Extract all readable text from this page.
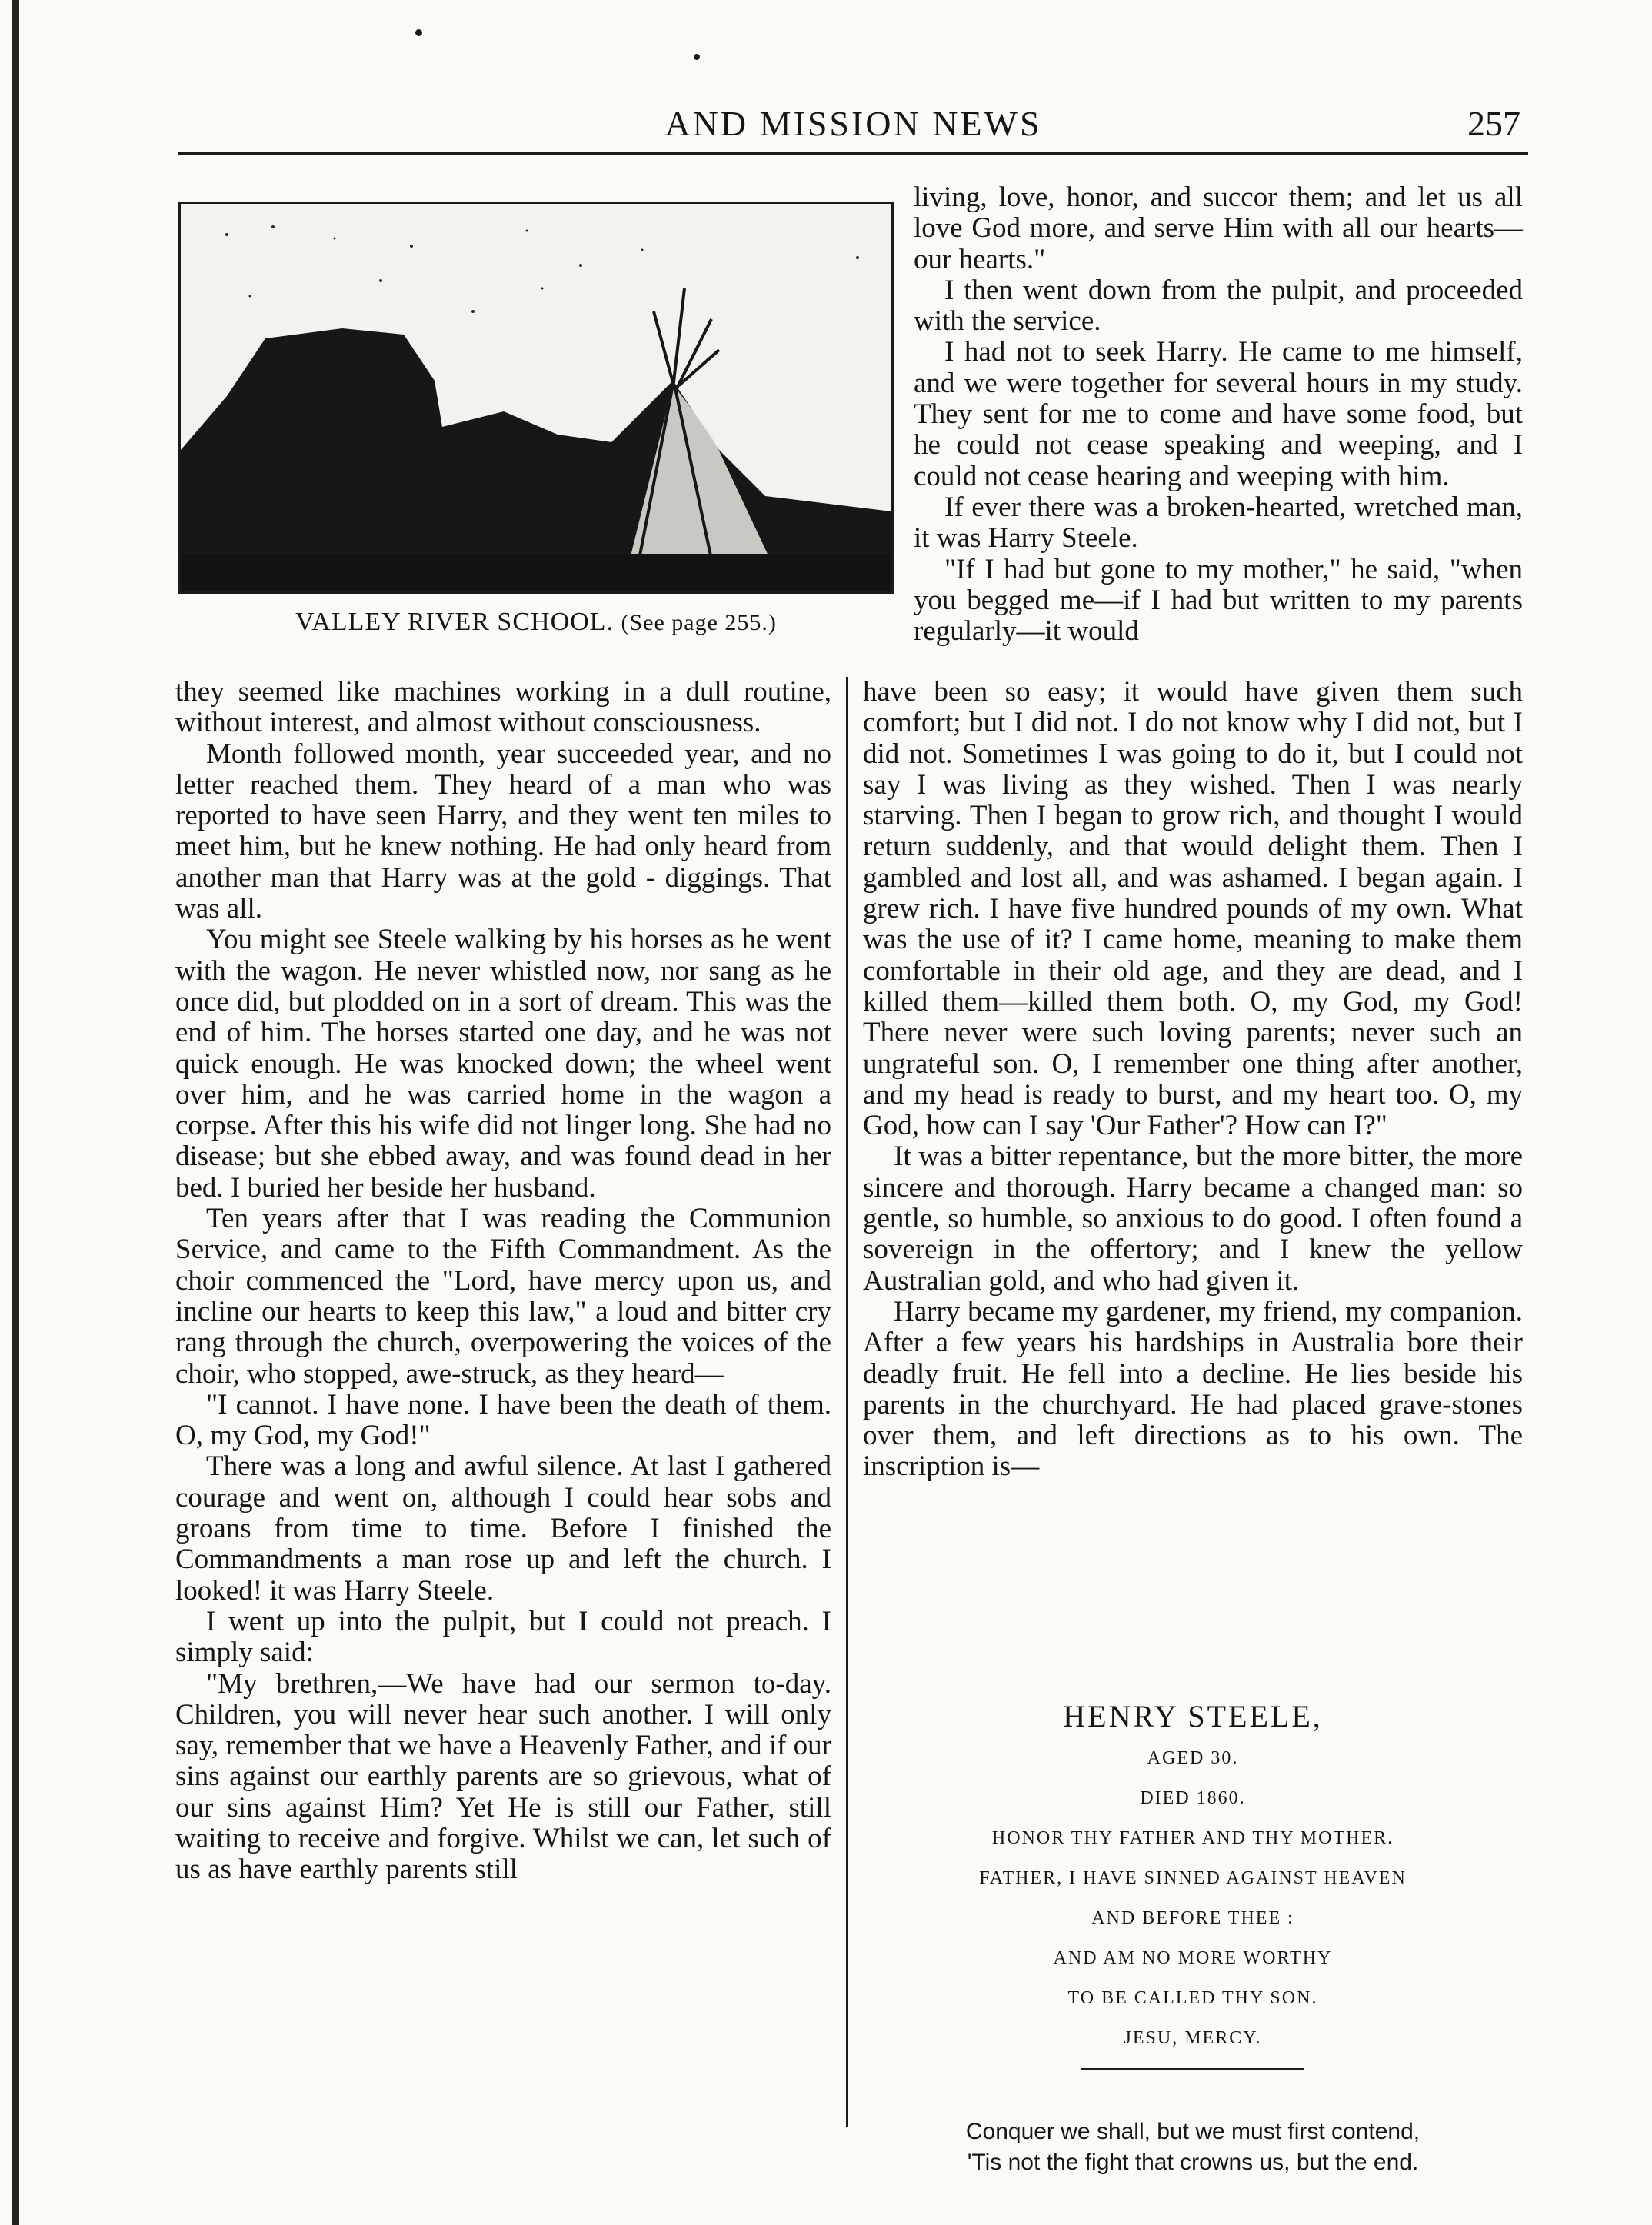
AND MISSION NEWS	257
VALLEY RIVER SCHOOL. (See page 255.)

living, love, honor, and succor them; and let us all love God more, and serve Him with all our hearts—our hearts."

I then went down from the pulpit, and proceeded with the service.

I had not to seek Harry. He came to me himself, and we were together for several hours in my study. They sent for me to come and have some food, but he could not cease speaking and weeping, and I could not cease hearing and weeping with him.

If ever there was a broken-hearted, wretched man, it was Harry Steele.

"If I had but gone to my mother," he said, "when you begged me—if I had but written to my parents regularly—it would

they seemed like machines working in a dull routine, without interest, and almost without consciousness.

Month followed month, year succeeded year, and no letter reached them. They heard of a man who was reported to have seen Harry, and they went ten miles to meet him, but he knew nothing. He had only heard from another man that Harry was at the gold - diggings. That was all.

You might see Steele walking by his horses as he went with the wagon. He never whistled now, nor sang as he once did, but plodded on in a sort of dream. This was the end of him. The horses started one day, and he was not quick enough. He was knocked down; the wheel went over him, and he was carried home in the wagon a corpse. After this his wife did not linger long. She had no disease; but she ebbed away, and was found dead in her bed. I buried her beside her husband.

Ten years after that I was reading the Communion Service, and came to the Fifth Commandment. As the choir commenced the "Lord, have mercy upon us, and incline our hearts to keep this law," a loud and bitter cry rang through the church, overpowering the voices of the choir, who stopped, awe-struck, as they heard—

"I cannot. I have none. I have been the death of them. O, my God, my God!"

There was a long and awful silence. At last I gathered courage and went on, although I could hear sobs and groans from time to time. Before I finished the Commandments a man rose up and left the church. I looked! it was Harry Steele.

I went up into the pulpit, but I could not preach. I simply said:

"My brethren,—We have had our sermon to-day. Children, you will never hear such another. I will only say, remember that we have a Heavenly Father, and if our sins against our earthly parents are so grievous, what of our sins against Him? Yet He is still our Father, still waiting to receive and forgive. Whilst we can, let such of us as have earthly parents still

have been so easy; it would have given them such comfort; but I did not. I do not know why I did not, but I did not. Sometimes I was going to do it, but I could not say I was living as they wished. Then I was nearly starving. Then I began to grow rich, and thought I would return suddenly, and that would delight them. Then I gambled and lost all, and was ashamed. I began again. I grew rich. I have five hundred pounds of my own. What was the use of it? I came home, meaning to make them comfortable in their old age, and they are dead, and I killed them—killed them both. O, my God, my God! There never were such loving parents; never such an ungrateful son. O, I remember one thing after another, and my head is ready to burst, and my heart too. O, my God, how can I say 'Our Father'? How can I?"

It was a bitter repentance, but the more bitter, the more sincere and thorough. Harry became a changed man: so gentle, so humble, so anxious to do good. I often found a sovereign in the offertory; and I knew the yellow Australian gold, and who had given it.

Harry became my gardener, my friend, my companion. After a few years his hardships in Australia bore their deadly fruit. He fell into a decline. He lies beside his parents in the churchyard. He had placed grave-stones over them, and left directions as to his own. The inscription is—

HENRY STEELE,
AGED 30.
DIED 1860.
HONOR THY FATHER AND THY MOTHER.
FATHER, I HAVE SINNED AGAINST HEAVEN
AND BEFORE THEE :
AND AM NO MORE WORTHY
TO BE CALLED THY SON.
JESU, MERCY.
Conquer we shall, but we must first contend,
'Tis not the fight that crowns us, but the end.
